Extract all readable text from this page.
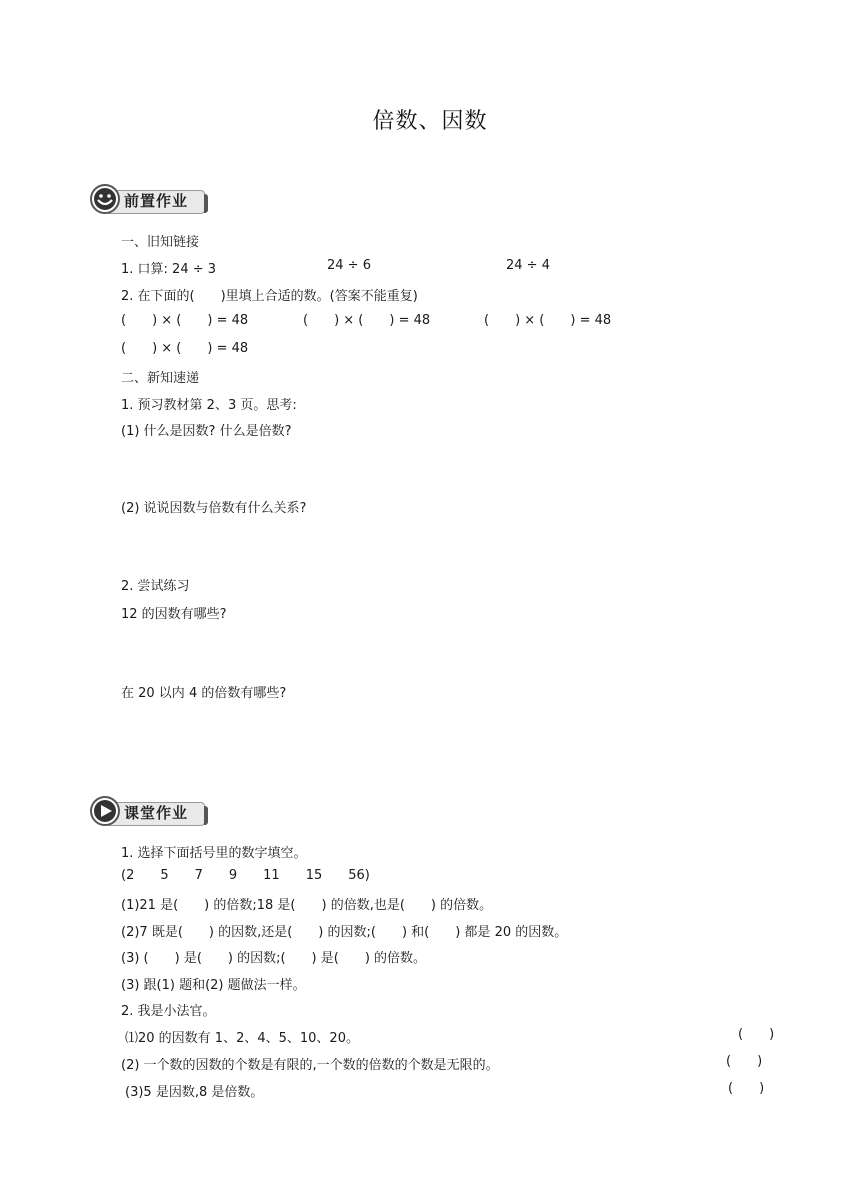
倍数、因数
前置作业
一、旧知链接
1. 口算: 24 ÷ 3	24 ÷ 6	24 ÷ 4
2. 在下面的(  )里填上合适的数。(答案不能重复)
(  ) × (  ) = 48	(  ) × (  ) = 48	(  ) × (  ) = 48
(  ) × (  ) = 48
二、新知速递
1. 预习教材第 2、3 页。思考:
(1) 什么是因数? 什么是倍数?
(2) 说说因数与倍数有什么关系?
2. 尝试练习
12 的因数有哪些?
在 20 以内 4 的倍数有哪些?
课堂作业
1. 选择下面括号里的数字填空。
(2  5  7  9  11  15  56)
(1)21 是(  ) 的倍数;18 是(  ) 的倍数,也是(  ) 的倍数。
(2)7 既是(  ) 的因数,还是(  ) 的因数;(  ) 和(  ) 都是 20 的因数。
(3) (  ) 是(  ) 的因数;(  ) 是(  ) 的倍数。
(3) 跟(1) 题和(2) 题做法一样。
2. 我是小法官。
⑴20 的因数有 1、2、4、5、10、20。
(2) 一个数的因数的个数是有限的,一个数的倍数的个数是无限的。
(3)5 是因数,8 是倍数。
(  )
(  )
(  )
